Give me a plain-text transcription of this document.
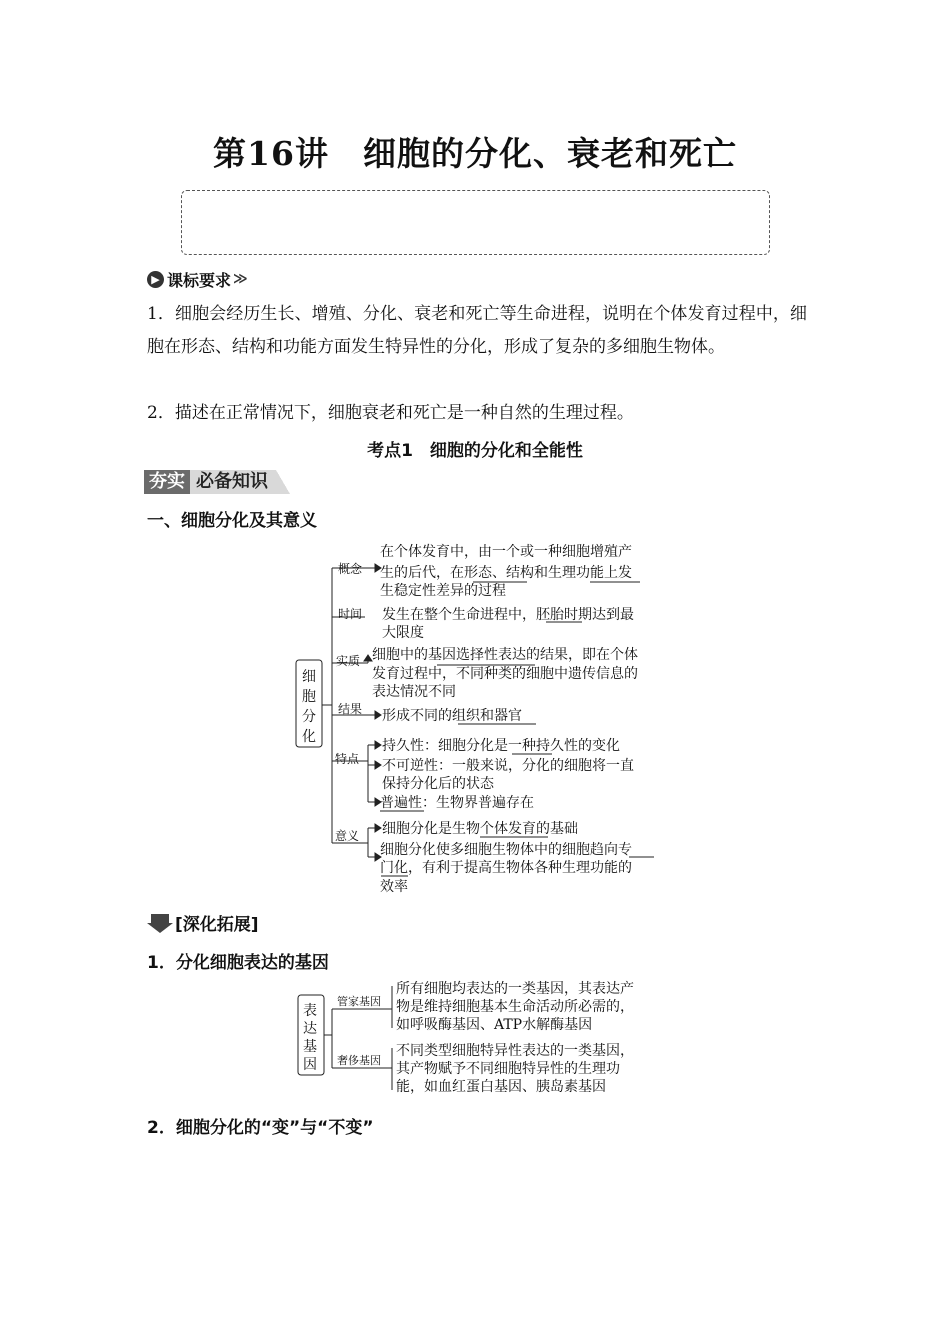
第16讲　细胞的分化、衰老和死亡
▶ 课标要求 ≫
1．细胞会经历生长、增殖、分化、衰老和死亡等生命进程，说明在个体发育过程中，细胞在形态、结构和功能方面发生特异性的分化，形成了复杂的多细胞生物体。
2．描述在正常情况下，细胞衰老和死亡是一种自然的生理过程。
考点1　细胞的分化和全能性
夯实 必备知识
一、细胞分化及其意义
细
胞
分
化
概念
时间
实质
结果
特点
意义
在个体发育中，由一个或一种细胞增殖产
生的后代，在形态、结构和生理功能上发
生稳定性差异的过程
发生在整个生命进程中，胚胎时期达到最
大限度
细胞中的基因选择性表达的结果，即在个体
发育过程中，不同种类的细胞中遗传信息的
表达情况不同
形成不同的组织和器官
持久性：细胞分化是一种持久性的变化
不可逆性：一般来说，分化的细胞将一直
保持分化后的状态
普遍性：生物界普遍存在
细胞分化是生物个体发育的基础
细胞分化使多细胞生物体中的细胞趋向专
门化，有利于提高生物体各种生理功能的
效率
[深化拓展]
1．分化细胞表达的基因
表
达
基
因
管家基因
奢侈基因
所有细胞均表达的一类基因，其表达产
物是维持细胞基本生命活动所必需的，
如呼吸酶基因、ATP水解酶基因
不同类型细胞特异性表达的一类基因，
其产物赋予不同细胞特异性的生理功
能，如血红蛋白基因、胰岛素基因
2．细胞分化的“变”与“不变”
